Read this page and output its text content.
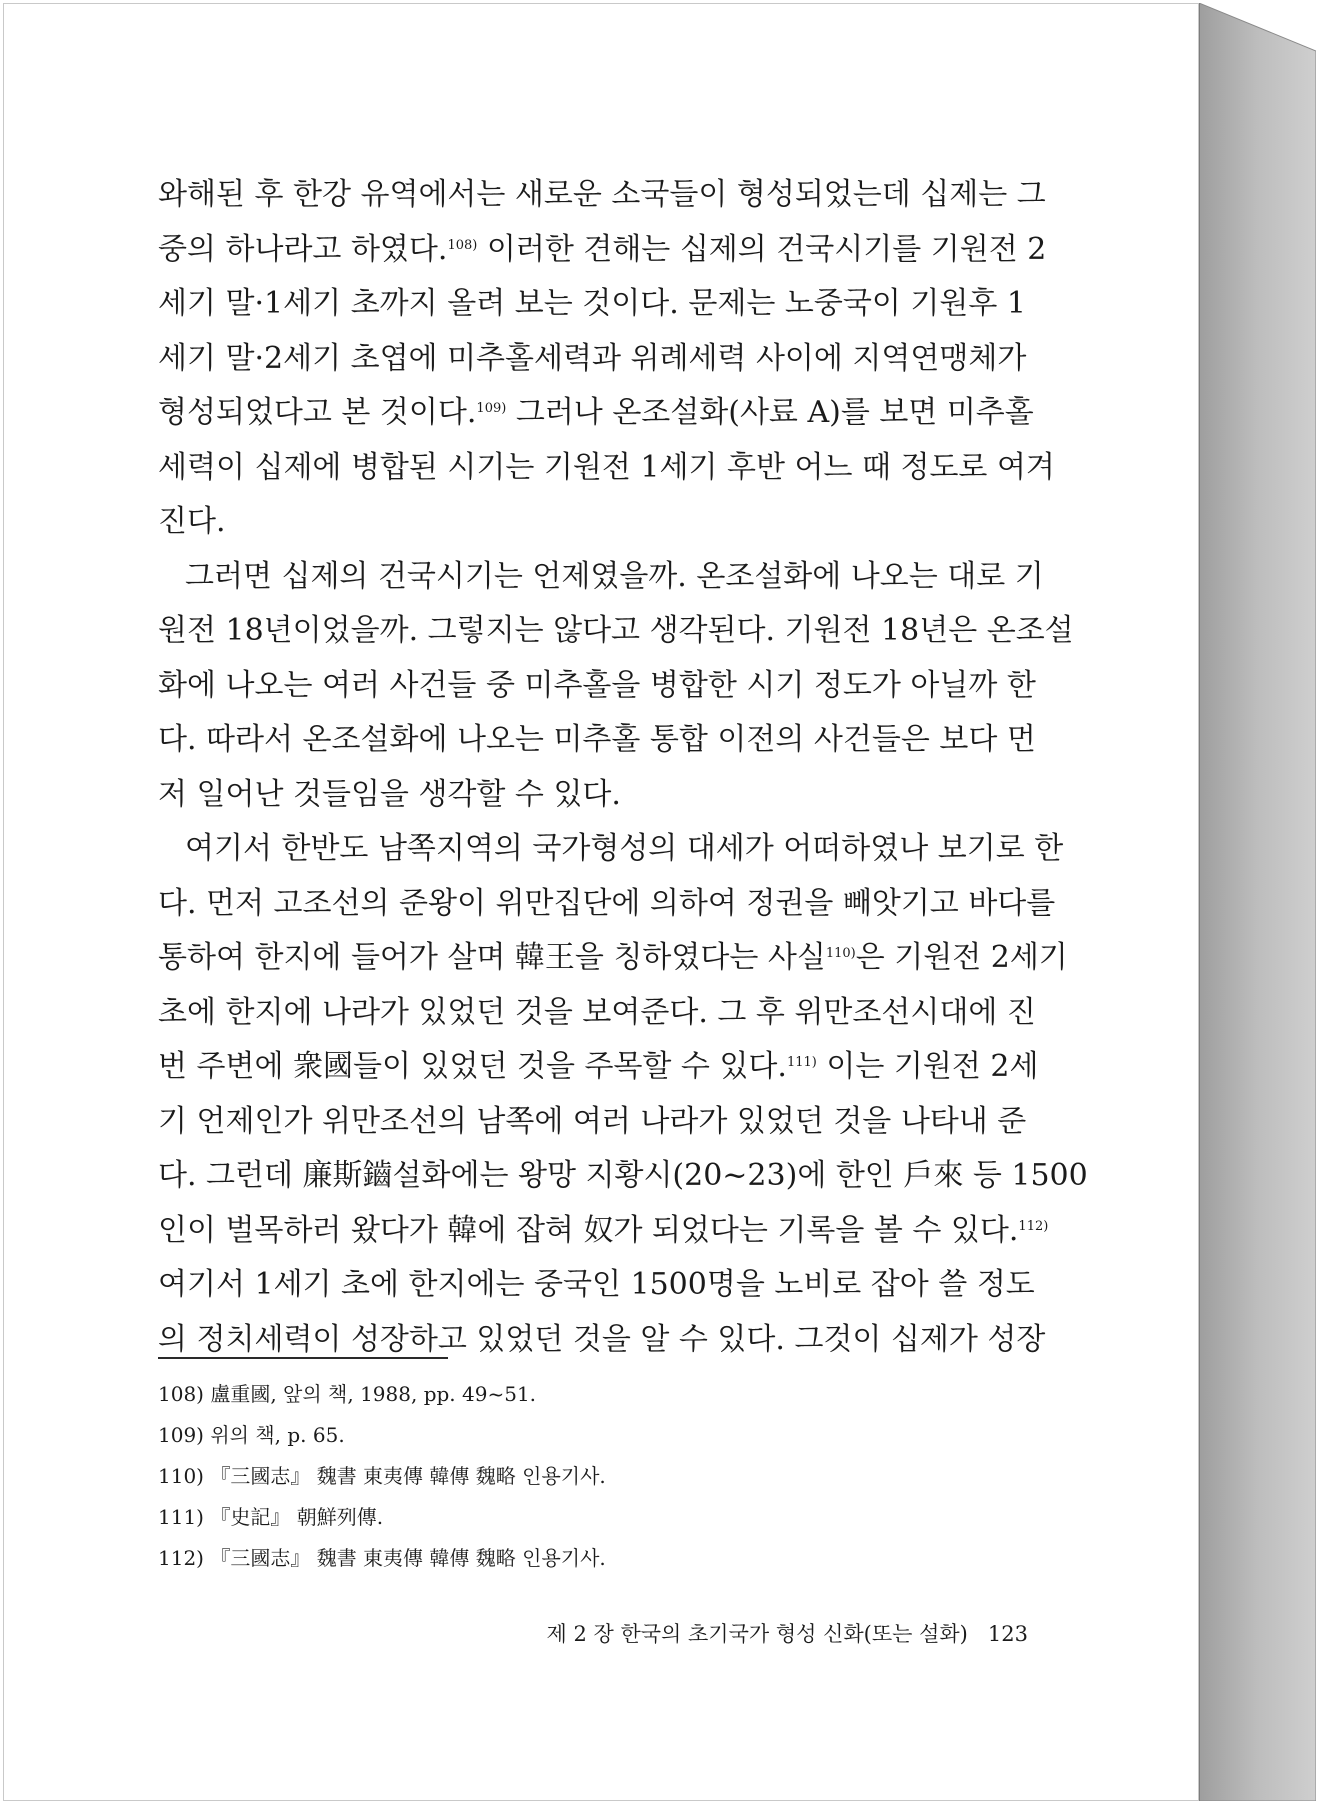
와해된 후 한강 유역에서는 새로운 소국들이 형성되었는데 십제는 그

중의 하나라고 하였다.$^{108)}$ 이러한 견해는 십제의 건국시기를 기원전 2

세기 말·1세기 초까지 올려 보는 것이다. 문제는 노중국이 기원후 1

세기 말·2세기 초엽에 미추홀세력과 위례세력 사이에 지역연맹체가

형성되었다고 본 것이다.$^{109)}$ 그러나 온조설화(사료 A)를 보면 미추홀

세력이 십제에 병합된 시기는 기원전 1세기 후반 어느 때 정도로 여겨

진다.

그러면 십제의 건국시기는 언제였을까. 온조설화에 나오는 대로 기

원전 18년이었을까. 그렇지는 않다고 생각된다. 기원전 18년은 온조설

화에 나오는 여러 사건들 중 미추홀을 병합한 시기 정도가 아닐까 한

다. 따라서 온조설화에 나오는 미추홀 통합 이전의 사건들은 보다 먼

저 일어난 것들임을 생각할 수 있다.

여기서 한반도 남쪽지역의 국가형성의 대세가 어떠하였나 보기로 한

다. 먼저 고조선의 준왕이 위만집단에 의하여 정권을 빼앗기고 바다를

통하여 한지에 들어가 살며 韓王을 칭하였다는 사실$^{110)}$은 기원전 2세기

초에 한지에 나라가 있었던 것을 보여준다. 그 후 위만조선시대에 진

번 주변에 衆國들이 있었던 것을 주목할 수 있다.$^{111)}$ 이는 기원전 2세

기 언제인가 위만조선의 남쪽에 여러 나라가 있었던 것을 나타내 준

다. 그런데 廉斯鑡설화에는 왕망 지황시(20~23)에 한인 戶來 등 1500

인이 벌목하러 왔다가 韓에 잡혀 奴가 되었다는 기록을 볼 수 있다.$^{112)}$

여기서 1세기 초에 한지에는 중국인 1500명을 노비로 잡아 쓸 정도

의 정치세력이 성장하고 있었던 것을 알 수 있다. 그것이 십제가 성장

108) 盧重國, 앞의 책, 1988, pp. 49~51.

109) 위의 책, p. 65.

110) 『三國志』 魏書 東夷傳 韓傳 魏略 인용기사.

111) 『史記』 朝鮮列傳.

112) 『三國志』 魏書 東夷傳 韓傳 魏略 인용기사.

제 2 장 한국의 초기국가 형성 신화(또는 설화) 123
